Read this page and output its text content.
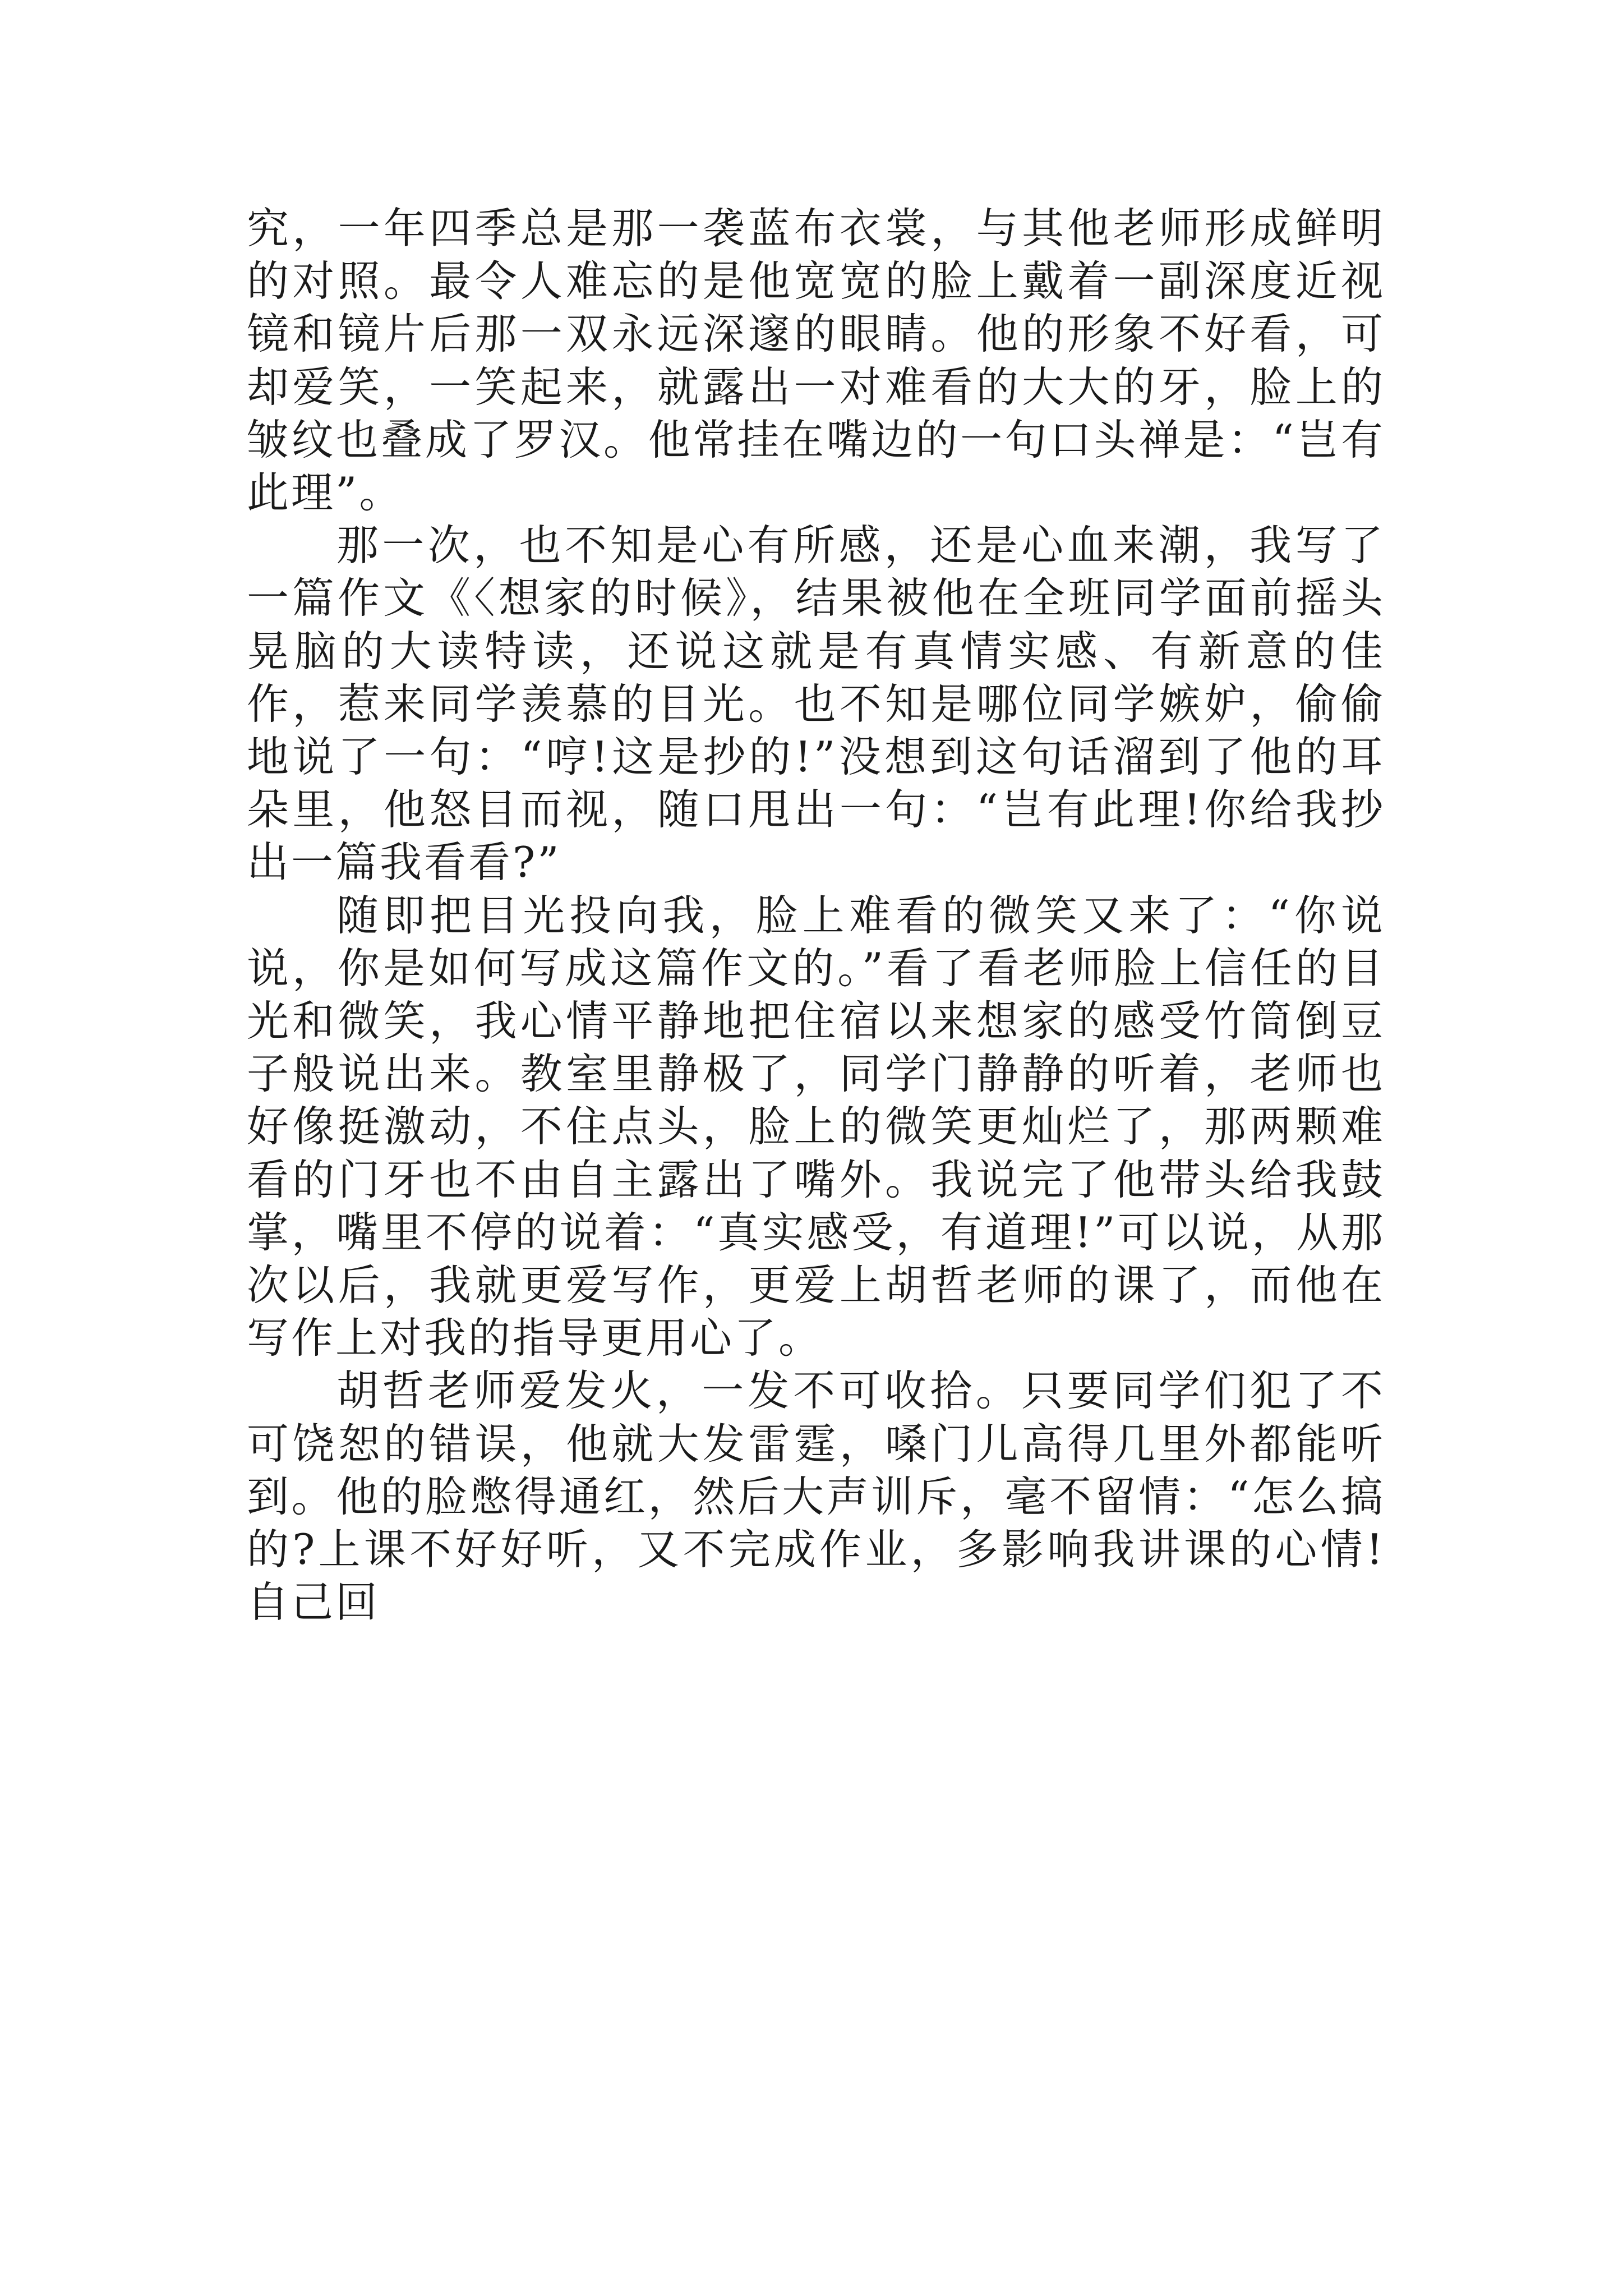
究，一年四季总是那一袭蓝布衣裳，与其他老师形成鲜明的对照。最令人难忘的是他宽宽的脸上戴着一副深度近视镜和镜片后那一双永远深邃的眼睛。他的形象不好看，可却爱笑，一笑起来，就露出一对难看的大大的牙，脸上的皱纹也叠成了罗汉。他常挂在嘴边的一句口头禅是：“岂有此理”。

那一次，也不知是心有所感，还是心血来潮，我写了一篇作文《〈想家的时候》，结果被他在全班同学面前摇头晃脑的大读特读，还说这就是有真情实感、有新意的佳作，惹来同学羡慕的目光。也不知是哪位同学嫉妒，偷偷地说了一句：“哼!这是抄的!”没想到这句话溜到了他的耳朵里，他怒目而视，随口甩出一句：“岂有此理!你给我抄出一篇我看看?”

随即把目光投向我，脸上难看的微笑又来了：“你说说，你是如何写成这篇作文的。”看了看老师脸上信任的目光和微笑，我心情平静地把住宿以来想家的感受竹筒倒豆子般说出来。教室里静极了，同学门静静的听着，老师也好像挺激动，不住点头，脸上的微笑更灿烂了，那两颗难看的门牙也不由自主露出了嘴外。我说完了他带头给我鼓掌，嘴里不停的说着：“真实感受，有道理!”可以说，从那次以后，我就更爱写作，更爱上胡哲老师的课了，而他在写作上对我的指导更用心了。

胡哲老师爱发火，一发不可收拾。只要同学们犯了不可饶恕的错误，他就大发雷霆，嗓门儿高得几里外都能听到。他的脸憋得通红，然后大声训斥，毫不留情：“怎么搞的?上课不好好听，又不完成作业，多影响我讲课的心情!自己回
